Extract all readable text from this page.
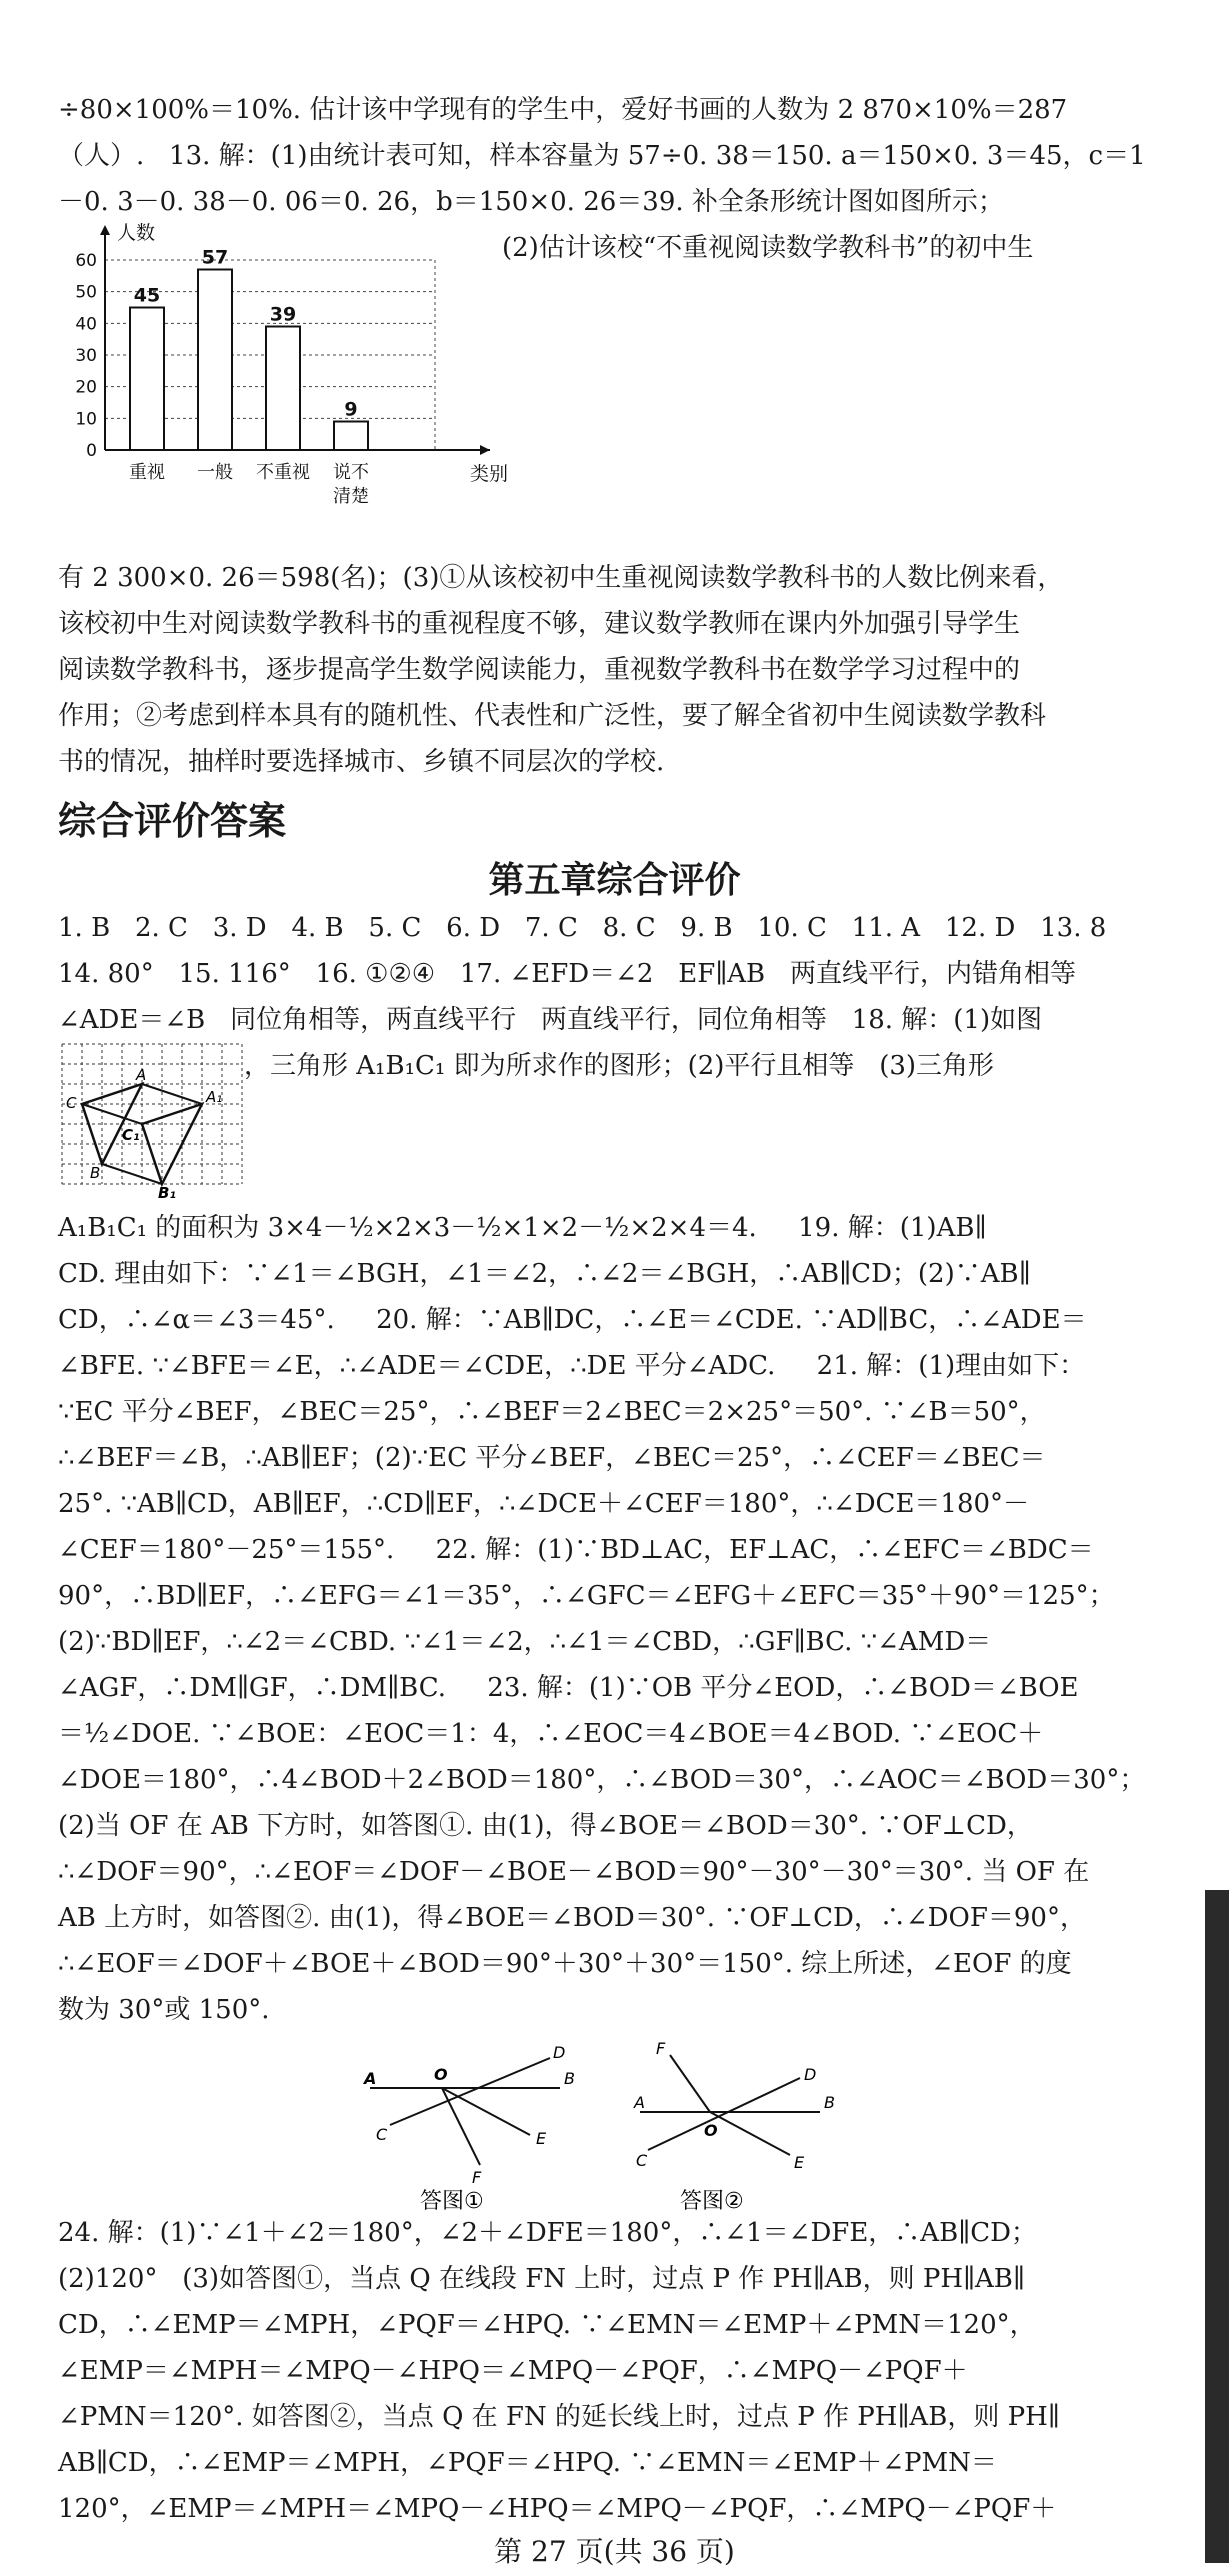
÷80×100%＝10%. 估计该中学现有的学生中，爱好书画的人数为 2 870×10%＝287
（人）.   13. 解：(1)由统计表可知，样本容量为 57÷0. 38＝150. a＝150×0. 3＝45，c＝1
－0. 3－0. 38－0. 06＝0. 26，b＝150×0. 26＝39. 补全条形统计图如图所示；
(2)估计该校“不重视阅读数学教科书”的初中生
0
10
20
30
40
50
60
人数
类别
45
重视
57
一般
39
不重视
9
说不
清楚
有 2 300×0. 26＝598(名)；(3)①从该校初中生重视阅读数学教科书的人数比例来看，
该校初中生对阅读数学教科书的重视程度不够，建议数学教师在课内外加强引导学生
阅读数学教科书，逐步提高学生数学阅读能力，重视数学教科书在数学学习过程中的
作用；②考虑到样本具有的随机性、代表性和广泛性，要了解全省初中生阅读数学教科
书的情况，抽样时要选择城市、乡镇不同层次的学校.
综合评价答案
第五章综合评价
1. B   2. C   3. D   4. B   5. C   6. D   7. C   8. C   9. B   10. C   11. A   12. D   13. 8
14. 80°   15. 116°   16. ①②④   17. ∠EFD＝∠2   EF∥AB   两直线平行，内错角相等
∠ADE＝∠B   同位角相等，两直线平行   两直线平行，同位角相等   18. 解：(1)如图
，三角形 A₁B₁C₁ 即为所求作的图形；(2)平行且相等   (3)三角形
A
A₁
B
B₁
C
C₁
A₁B₁C₁ 的面积为 3×4－½×2×3－½×1×2－½×2×4＝4.     19. 解：(1)AB∥
CD. 理由如下：∵∠1＝∠BGH，∠1＝∠2，∴∠2＝∠BGH，∴AB∥CD；(2)∵AB∥
CD，∴∠α＝∠3＝45°.     20. 解：∵AB∥DC，∴∠E＝∠CDE. ∵AD∥BC，∴∠ADE＝
∠BFE. ∵∠BFE＝∠E，∴∠ADE＝∠CDE，∴DE 平分∠ADC.     21. 解：(1)理由如下：
∵EC 平分∠BEF，∠BEC＝25°，∴∠BEF＝2∠BEC＝2×25°＝50°. ∵∠B＝50°，
∴∠BEF＝∠B，∴AB∥EF；(2)∵EC 平分∠BEF，∠BEC＝25°，∴∠CEF＝∠BEC＝
25°. ∵AB∥CD，AB∥EF，∴CD∥EF，∴∠DCE＋∠CEF＝180°，∴∠DCE＝180°－
∠CEF＝180°－25°＝155°.     22. 解：(1)∵BD⊥AC，EF⊥AC，∴∠EFC＝∠BDC＝
90°，∴BD∥EF，∴∠EFG＝∠1＝35°，∴∠GFC＝∠EFG＋∠EFC＝35°＋90°＝125°；
(2)∵BD∥EF，∴∠2＝∠CBD. ∵∠1＝∠2，∴∠1＝∠CBD，∴GF∥BC. ∵∠AMD＝
∠AGF，∴DM∥GF，∴DM∥BC.     23. 解：(1)∵OB 平分∠EOD，∴∠BOD＝∠BOE
＝½∠DOE. ∵∠BOE：∠EOC＝1：4，∴∠EOC＝4∠BOE＝4∠BOD. ∵∠EOC＋
∠DOE＝180°，∴4∠BOD＋2∠BOD＝180°，∴∠BOD＝30°，∴∠AOC＝∠BOD＝30°；
(2)当 OF 在 AB 下方时，如答图①. 由(1)，得∠BOE＝∠BOD＝30°. ∵OF⊥CD，
∴∠DOF＝90°，∴∠EOF＝∠DOF－∠BOE－∠BOD＝90°－30°－30°＝30°. 当 OF 在
AB 上方时，如答图②. 由(1)，得∠BOE＝∠BOD＝30°. ∵OF⊥CD，∴∠DOF＝90°，
∴∠EOF＝∠DOF＋∠BOE＋∠BOD＝90°＋30°＋30°＝150°. 综上所述，∠EOF 的度
数为 30°或 150°.
A	O
D
B
C
F
E
答图①
F
D
A
O
B
C	E
答图②
24. 解：(1)∵∠1＋∠2＝180°，∠2＋∠DFE＝180°，∴∠1＝∠DFE，∴AB∥CD；
(2)120°   (3)如答图①，当点 Q 在线段 FN 上时，过点 P 作 PH∥AB，则 PH∥AB∥
CD，∴∠EMP＝∠MPH，∠PQF＝∠HPQ. ∵∠EMN＝∠EMP＋∠PMN＝120°，
∠EMP＝∠MPH＝∠MPQ－∠HPQ＝∠MPQ－∠PQF，∴∠MPQ－∠PQF＋
∠PMN＝120°. 如答图②，当点 Q 在 FN 的延长线上时，过点 P 作 PH∥AB，则 PH∥
AB∥CD，∴∠EMP＝∠MPH，∠PQF＝∠HPQ. ∵∠EMN＝∠EMP＋∠PMN＝
120°，∠EMP＝∠MPH＝∠MPQ－∠HPQ＝∠MPQ－∠PQF，∴∠MPQ－∠PQF＋
第 27 页(共 36 页)
